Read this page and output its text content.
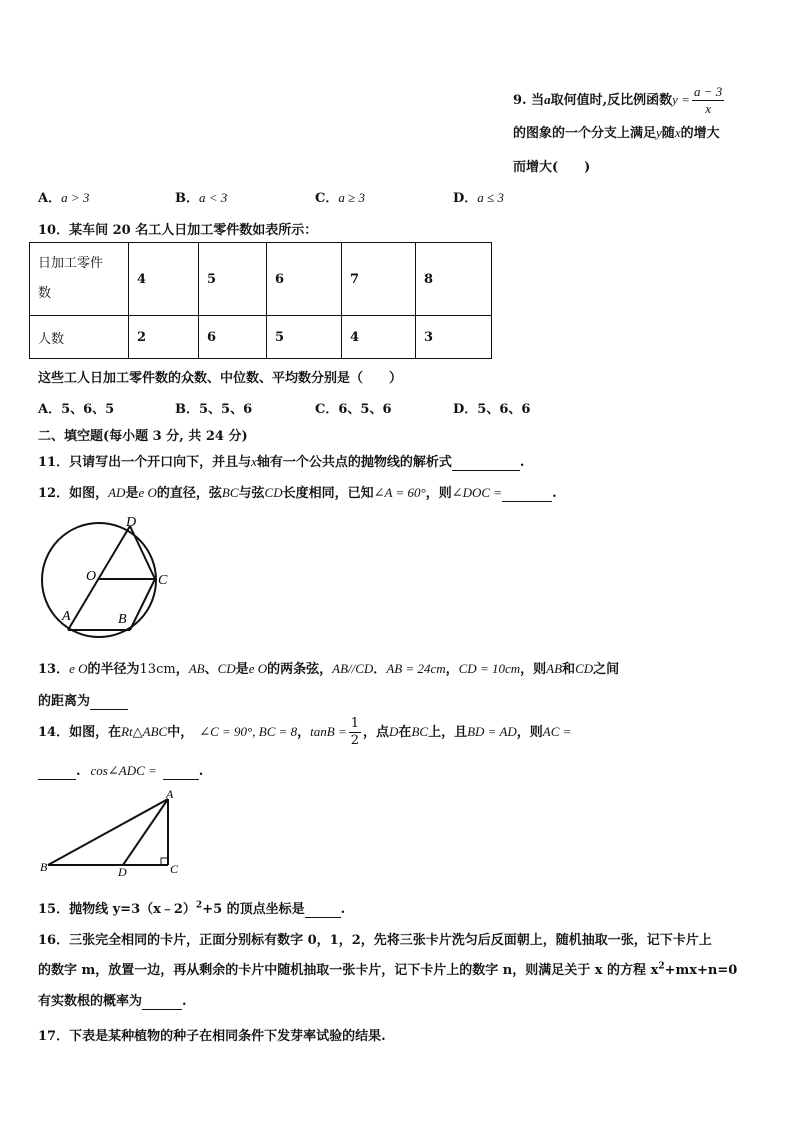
9. 当a取何值时,反比例函数$y = \frac{a - 3}{x}$
的图象的一个分支上满足y随x的增大
而增大(　　)
A．a > 3	B．a < 3	C．a ≥ 3	D．a ≤ 3
10．某车间 20 名工人日加工零件数如表所示：
日加工零件
数	4	5	6	7	8
人数	2	6	5	4	3
这些工人日加工零件数的众数、中位数、平均数分别是（　　）
A．5、6、5	B．5、5、6	C．6、5、6	D．5、6、6
二、填空题(每小题 3 分, 共 24 分)
11．只请写出一个开口向下，并且与x轴有一个公共点的抛物线的解析式	.
12．如图，AD是e O的直径，弦BC与弦CD长度相同，已知∠A = 60°，则∠DOC =	.
D
O	C
A	B
13．e O的半径为13cm，AB、CD是e O的两条弦，AB//CD．AB = 24cm，CD = 10cm，则AB和CD之间
的距离为
14．如图，在Rt△ABC中， ∠C = 90°, BC = 8，$\tan B = \frac{1}{2}$ ，点D在BC上，且BD = AD，则AC =
. cos∠ADC =	.
A
B	D	C
15．抛物线 y=3（x﹣2）$^2$+5 的顶点坐标是	.
16．三张完全相同的卡片，正面分别标有数字 0，1，2，先将三张卡片洗匀后反面朝上，随机抽取一张，记下卡片上
的数字 m，放置一边，再从剩余的卡片中随机抽取一张卡片，记下卡片上的数字 n，则满足关于 x 的方程 $x^2+mx+n=0$
有实数根的概率为	.
17．下表是某种植物的种子在相同条件下发芽率试验的结果.
